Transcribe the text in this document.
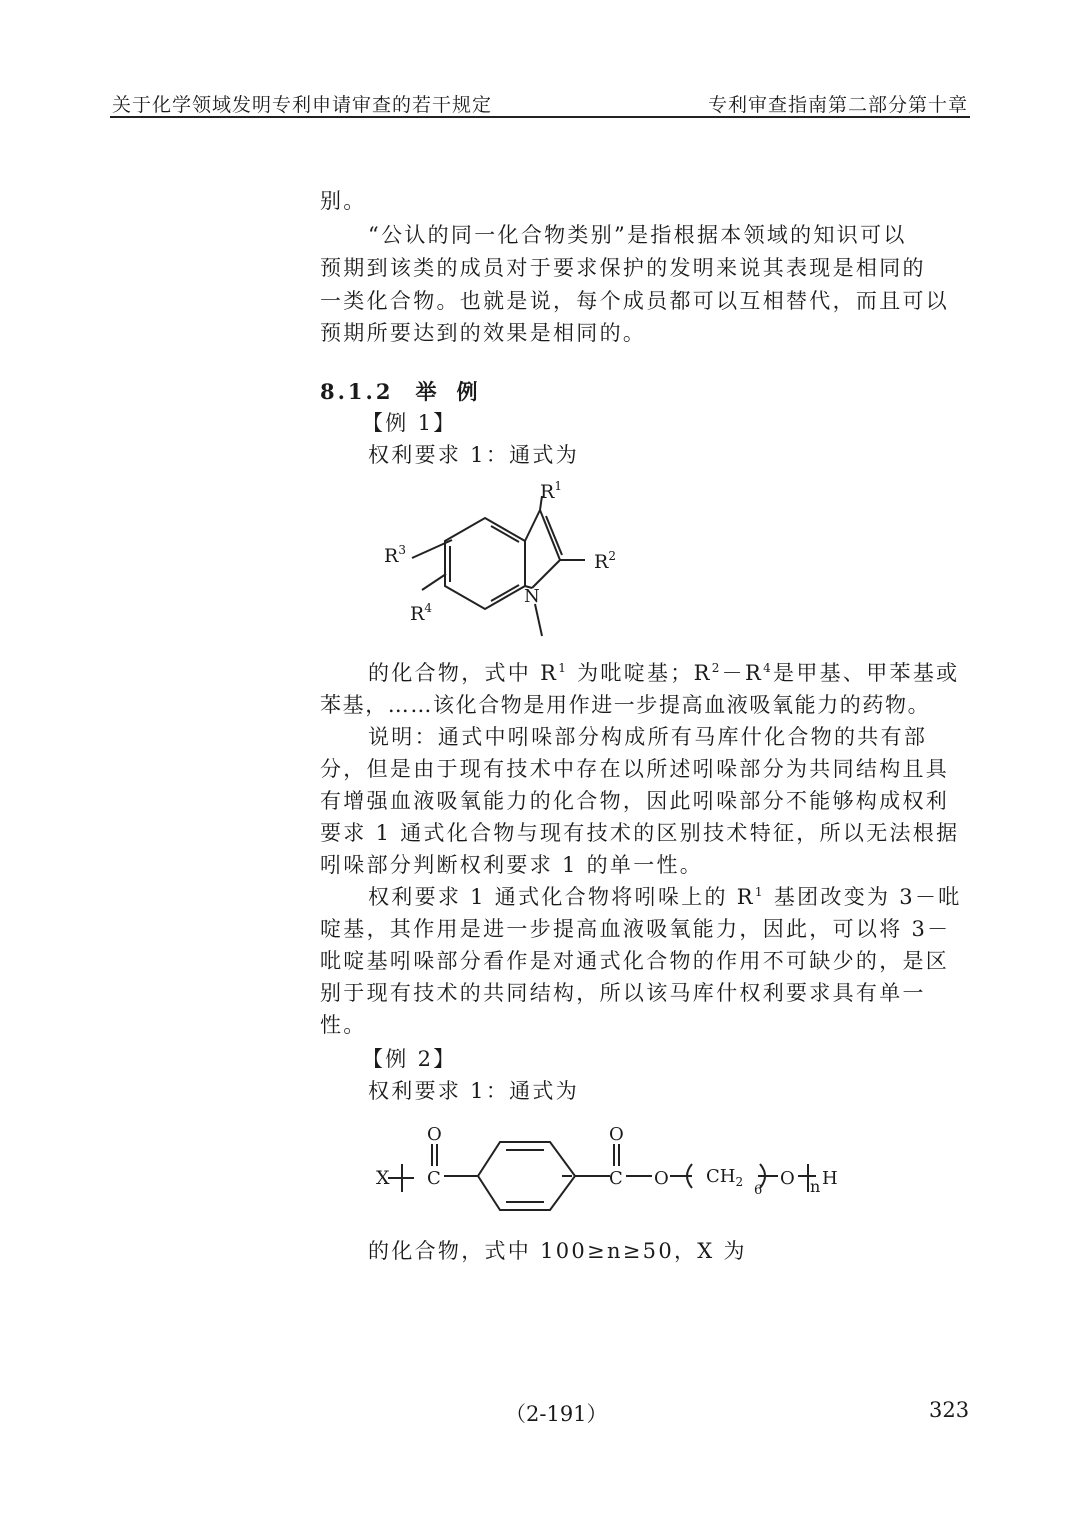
关于化学领域发明专利申请审查的若干规定	专利审查指南第二部分第十章
别。
“公认的同一化合物类别”是指根据本领域的知识可以
预期到该类的成员对于要求保护的发明来说其表现是相同的
一类化合物。也就是说，每个成员都可以互相替代，而且可以
预期所要达到的效果是相同的。
8.1.2 举例
【例 1】
权利要求 1：通式为
$R^1$
$R^2$
$R^3$
$R^4$
N
的化合物，式中 $R^1$ 为吡啶基；$R^2-R^4$是甲基、甲苯基或
苯基，……该化合物是用作进一步提高血液吸氧能力的药物。
说明：通式中吲哚部分构成所有马库什化合物的共有部
分，但是由于现有技术中存在以所述吲哚部分为共同结构且具
有增强血液吸氧能力的化合物，因此吲哚部分不能够构成权利
要求 1 通式化合物与现有技术的区别技术特征，所以无法根据
吲哚部分判断权利要求 1 的单一性。
权利要求 1 通式化合物将吲哚上的 $R^1$ 基团改变为 3－吡
啶基，其作用是进一步提高血液吸氧能力，因此，可以将 3－
吡啶基吲哚部分看作是对通式化合物的作用不可缺少的，是区
别于现有技术的共同结构，所以该马库什权利要求具有单一
性。
【例 2】
权利要求 1：通式为
X
O
C
O
C O $CH_2$
6
O n H
的化合物，式中 100≥n≥50，X 为
（2-191）	323
